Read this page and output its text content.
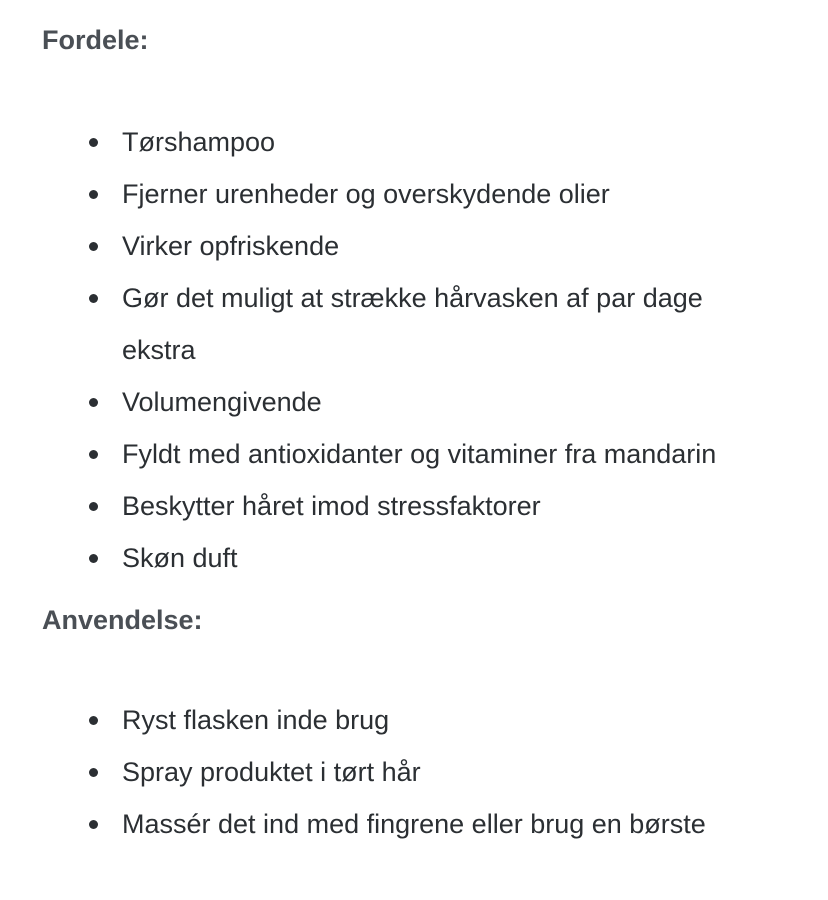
Fordele:
Tørshampoo
Fjerner urenheder og overskydende olier
Virker opfriskende
Gør det muligt at strække hårvasken af par dage ekstra
Volumengivende
Fyldt med antioxidanter og vitaminer fra mandarin
Beskytter håret imod stressfaktorer
Skøn duft
Anvendelse:
Ryst flasken inde brug
Spray produktet i tørt hår
Massér det ind med fingrene eller brug en børste
